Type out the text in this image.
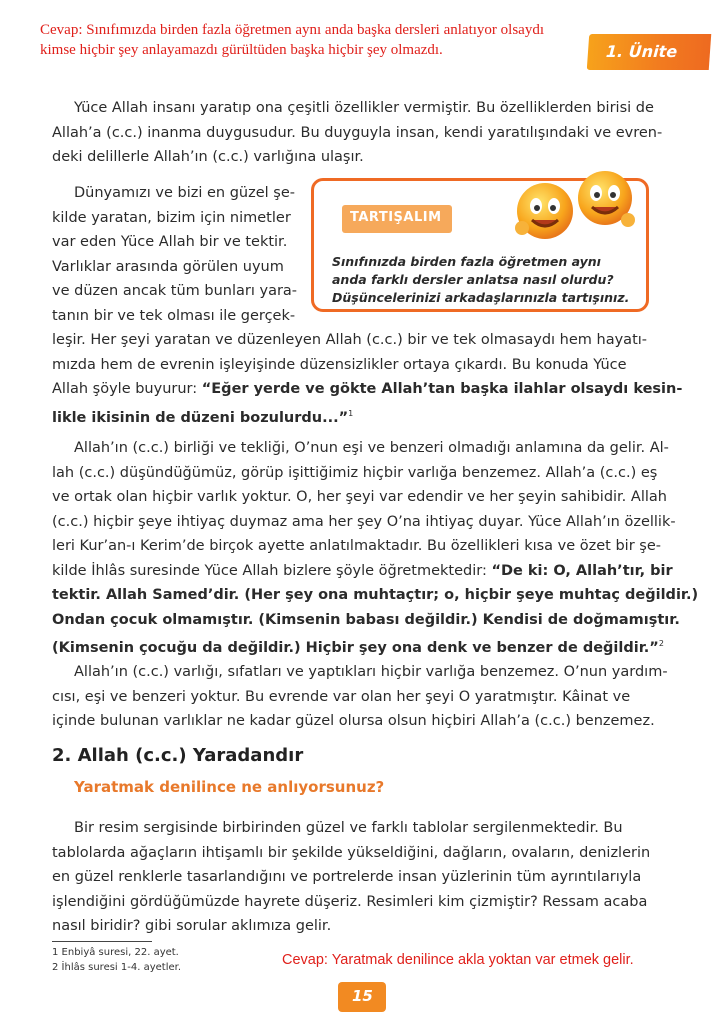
Cevap: Sınıfımızda birden fazla öğretmen aynı anda başka dersleri anlatıyor olsaydı
kimse hiçbir şey anlayamazdı gürültüden başka hiçbir şey olmazdı.	1. Ünite
Yüce Allah insanı yaratıp ona çeşitli özellikler vermiştir. Bu özelliklerden birisi de
Allah’a (c.c.) inanma duygusudur. Bu duyguyla insan, kendi yaratılışındaki ve evren-
deki delillerle Allah’ın (c.c.) varlığına ulaşır.
Dünyamızı ve bizi en güzel şe-
kilde yaratan, bizim için nimetler
var eden Yüce Allah bir ve tektir.
Varlıklar arasında görülen uyum
ve düzen ancak tüm bunları yara-
tanın bir ve tek olması ile gerçek-
TARTIŞALIM
Sınıfınızda birden fazla öğretmen aynı
anda farklı dersler anlatsa nasıl olurdu?
Düşüncelerinizi arkadaşlarınızla tartışınız.
leşir. Her şeyi yaratan ve düzenleyen Allah (c.c.) bir ve tek olmasaydı hem hayatı-
mızda hem de evrenin işleyişinde düzensizlikler ortaya çıkardı. Bu konuda Yüce
Allah şöyle buyurur: “Eğer yerde ve gökte Allah’tan başka ilahlar olsaydı kesin-
likle ikisinin de düzeni bozulurdu...”$^1$
Allah’ın (c.c.) birliği ve tekliği, O’nun eşi ve benzeri olmadığı anlamına da gelir. Al-
lah (c.c.) düşündüğümüz, görüp işittiğimiz hiçbir varlığa benzemez. Allah’a (c.c.) eş
ve ortak olan hiçbir varlık yoktur. O, her şeyi var edendir ve her şeyin sahibidir. Allah
(c.c.) hiçbir şeye ihtiyaç duymaz ama her şey O’na ihtiyaç duyar. Yüce Allah’ın özellik-
leri Kur’an-ı Kerim’de birçok ayette anlatılmaktadır. Bu özellikleri kısa ve özet bir şe-
kilde İhlâs suresinde Yüce Allah bizlere şöyle öğretmektedir: “De ki: O, Allah’tır, bir
tektir. Allah Samed’dir. (Her şey ona muhtaçtır; o, hiçbir şeye muhtaç değildir.)
Ondan çocuk olmamıştır. (Kimsenin babası değildir.) Kendisi de doğmamıştır.
(Kimsenin çocuğu da değildir.) Hiçbir şey ona denk ve benzer de değildir.”$^2$
Allah’ın (c.c.) varlığı, sıfatları ve yaptıkları hiçbir varlığa benzemez. O’nun yardım-
cısı, eşi ve benzeri yoktur. Bu evrende var olan her şeyi O yaratmıştır. Kâinat ve
içinde bulunan varlıklar ne kadar güzel olursa olsun hiçbiri Allah’a (c.c.) benzemez.
2. Allah (c.c.) Yaradandır
Yaratmak denilince ne anlıyorsunuz?
Bir resim sergisinde birbirinden güzel ve farklı tablolar sergilenmektedir. Bu
tablolarda ağaçların ihtişamlı bir şekilde yükseldiğini, dağların, ovaların, denizlerin
en güzel renklerle tasarlandığını ve portrelerde insan yüzlerinin tüm ayrıntılarıyla
işlendiğini gördüğümüzde hayrete düşeriz. Resimleri kim çizmiştir? Ressam acaba
nasıl biridir? gibi sorular aklımıza gelir.
1 Enbiyâ suresi, 22. ayet.
2 İhlâs suresi 1-4. ayetler.	Cevap: Yaratmak denilince akla yoktan var etmek gelir.
15
